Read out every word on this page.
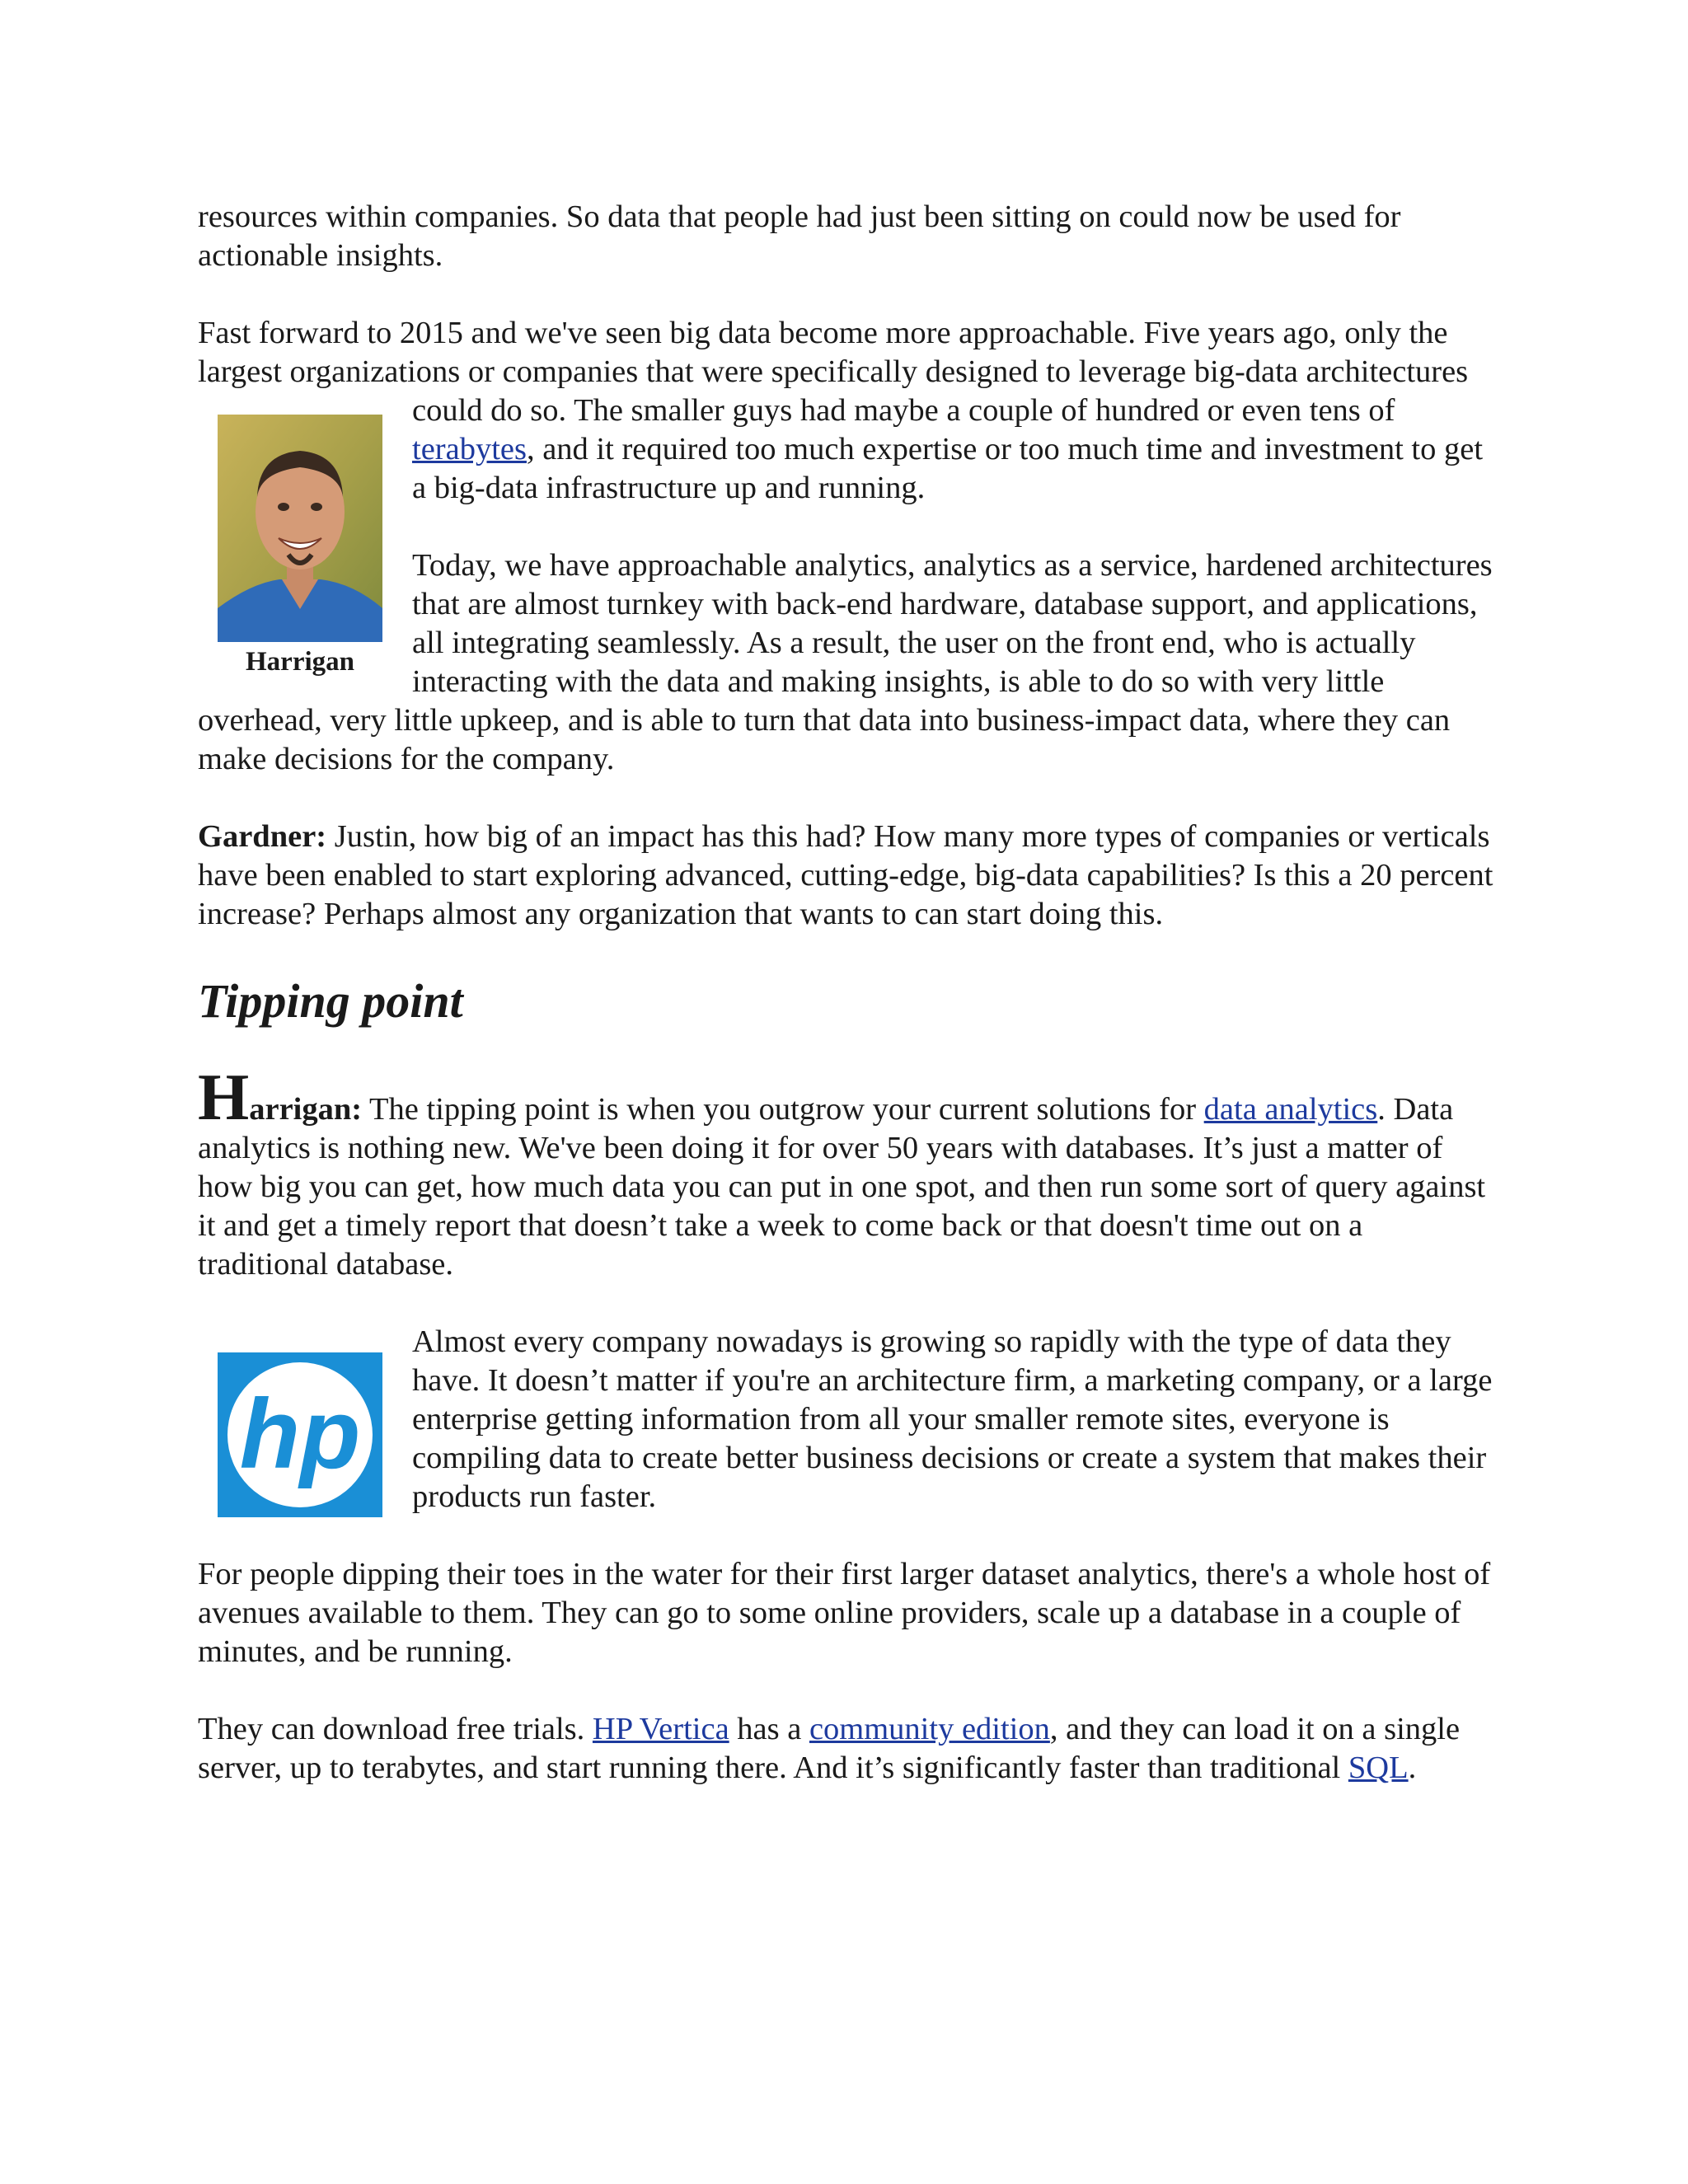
resources within companies. So data that people had just been sitting on could now be used for actionable insights.

Fast forward to 2015 and we've seen big data become more approachable. Five years ago, only the largest organizations or companies that were specifically designed to leverage big-data architectures could do so. The smaller guys had maybe a couple of hundred or even tens of
Harrigan
terabytes, and it required too much expertise or too much time and investment to get a big-data infrastructure up and running.

Today, we have approachable analytics, analytics as a service, hardened architectures that are almost turnkey with back-end hardware, database support, and applications, all integrating seamlessly. As a result, the user on the front end, who is actually interacting with the data and making insights, is able to do so with very little overhead, very little upkeep, and is able to turn that data into business-impact data, where they can make decisions for the company.

Gardner: Justin, how big of an impact has this had? How many more types of companies or verticals have been enabled to start exploring advanced, cutting-edge, big-data capabilities? Is this a 20 percent increase? Perhaps almost any organization that wants to can start doing this.

Tipping point

Harrigan: The tipping point is when you outgrow your current solutions for data analytics. Data analytics is nothing new. We've been doing it for over 50 years with databases. It’s just a matter of how big you can get, how much data you can put in one spot, and then run some sort of query against it and get a timely report that doesn’t take a week to come back or that doesn't time out on a traditional database.

hp
Almost every company nowadays is growing so rapidly with the type of data they have. It doesn’t matter if you're an architecture firm, a marketing company, or a large enterprise getting information from all your smaller remote sites, everyone is compiling data to create better business decisions or create a system that makes their products run faster.

For people dipping their toes in the water for their first larger dataset analytics, there's a whole host of avenues available to them. They can go to some online providers, scale up a database in a couple of minutes, and be running.

They can download free trials. HP Vertica has a community edition, and they can load it on a single server, up to terabytes, and start running there. And it’s significantly faster than traditional SQL.
